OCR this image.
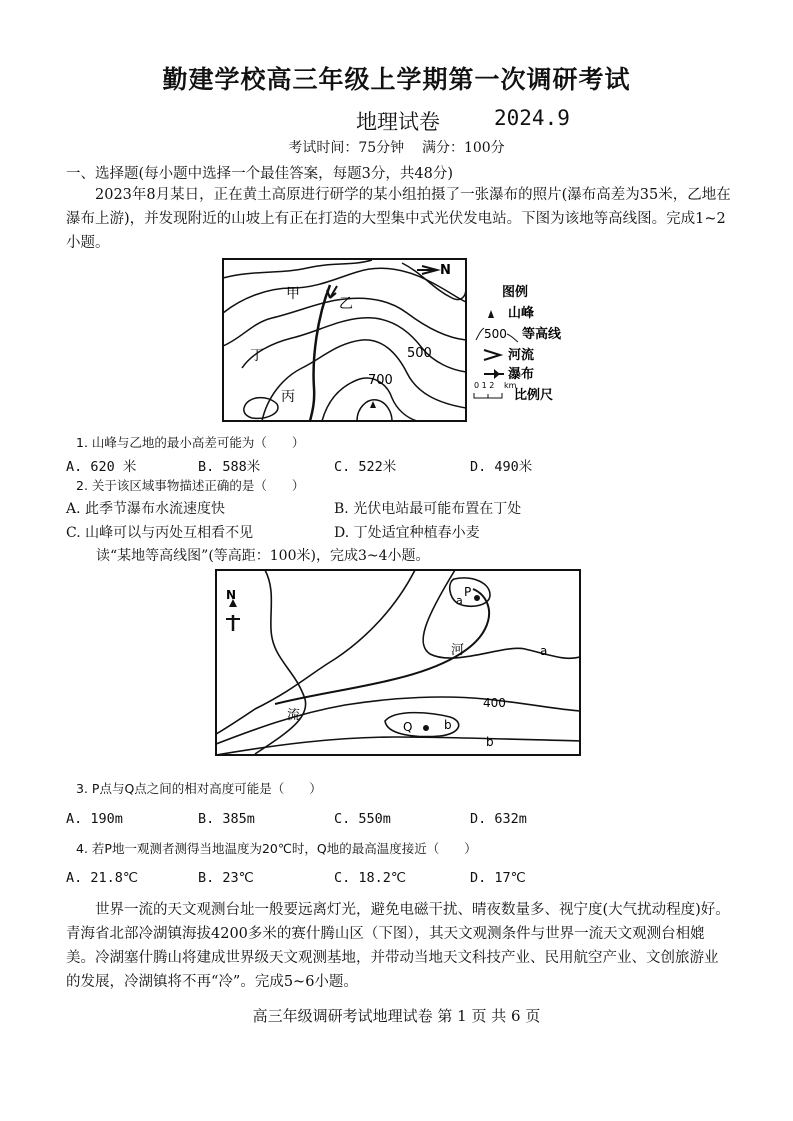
勤建学校高三年级上学期第一次调研考试
地理试卷	2024.9
考试时间：75分钟    满分：100分
一、选择题(每小题中选择一个最佳答案，每题3分，共48分)
2023年8月某日，正在黄土高原进行研学的某小组拍摄了一张瀑布的照片(瀑布高差为35米，乙地在瀑布上游)，并发现附近的山坡上有正在打造的大型集中式光伏发电站。下图为该地等高线图。完成1~2小题。
N
甲
乙
丙
丁	500
700
图例
山峰
500 等高线
河流
瀑布
0 1 2 km
比例尺
1. 山峰与乙地的最小高差可能为（　　）
A. 620 米	B. 588米	C. 522米	D. 490米
2. 关于该区域事物描述正确的是（　　）
A. 此季节瀑布水流速度快	B. 光伏电站最可能布置在丁处
C. 山峰可以与丙处互相看不见	D. 丁处适宜种植春小麦
读“某地等高线图”(等高距：100米)，完成3~4小题。
N	P
a
河	a
400
流
Q	b
b
3. P点与Q点之间的相对高度可能是（　　）
A. 190m	B. 385m	C. 550m	D. 632m
4. 若P地一观测者测得当地温度为20℃时，Q地的最高温度接近（　　）
A. 21.8℃	B. 23℃	C. 18.2℃	D. 17℃
世界一流的天文观测台址一般要远离灯光，避免电磁干扰、晴夜数量多、视宁度(大气扰动程度)好。青海省北部冷湖镇海拔4200多米的赛什腾山区（下图），其天文观测条件与世界一流天文观测台相媲美。冷湖塞什腾山将建成世界级天文观测基地，并带动当地天文科技产业、民用航空产业、文创旅游业的发展，冷湖镇将不再“冷”。完成5~6小题。
高三年级调研考试地理试卷 第 1 页 共 6 页
